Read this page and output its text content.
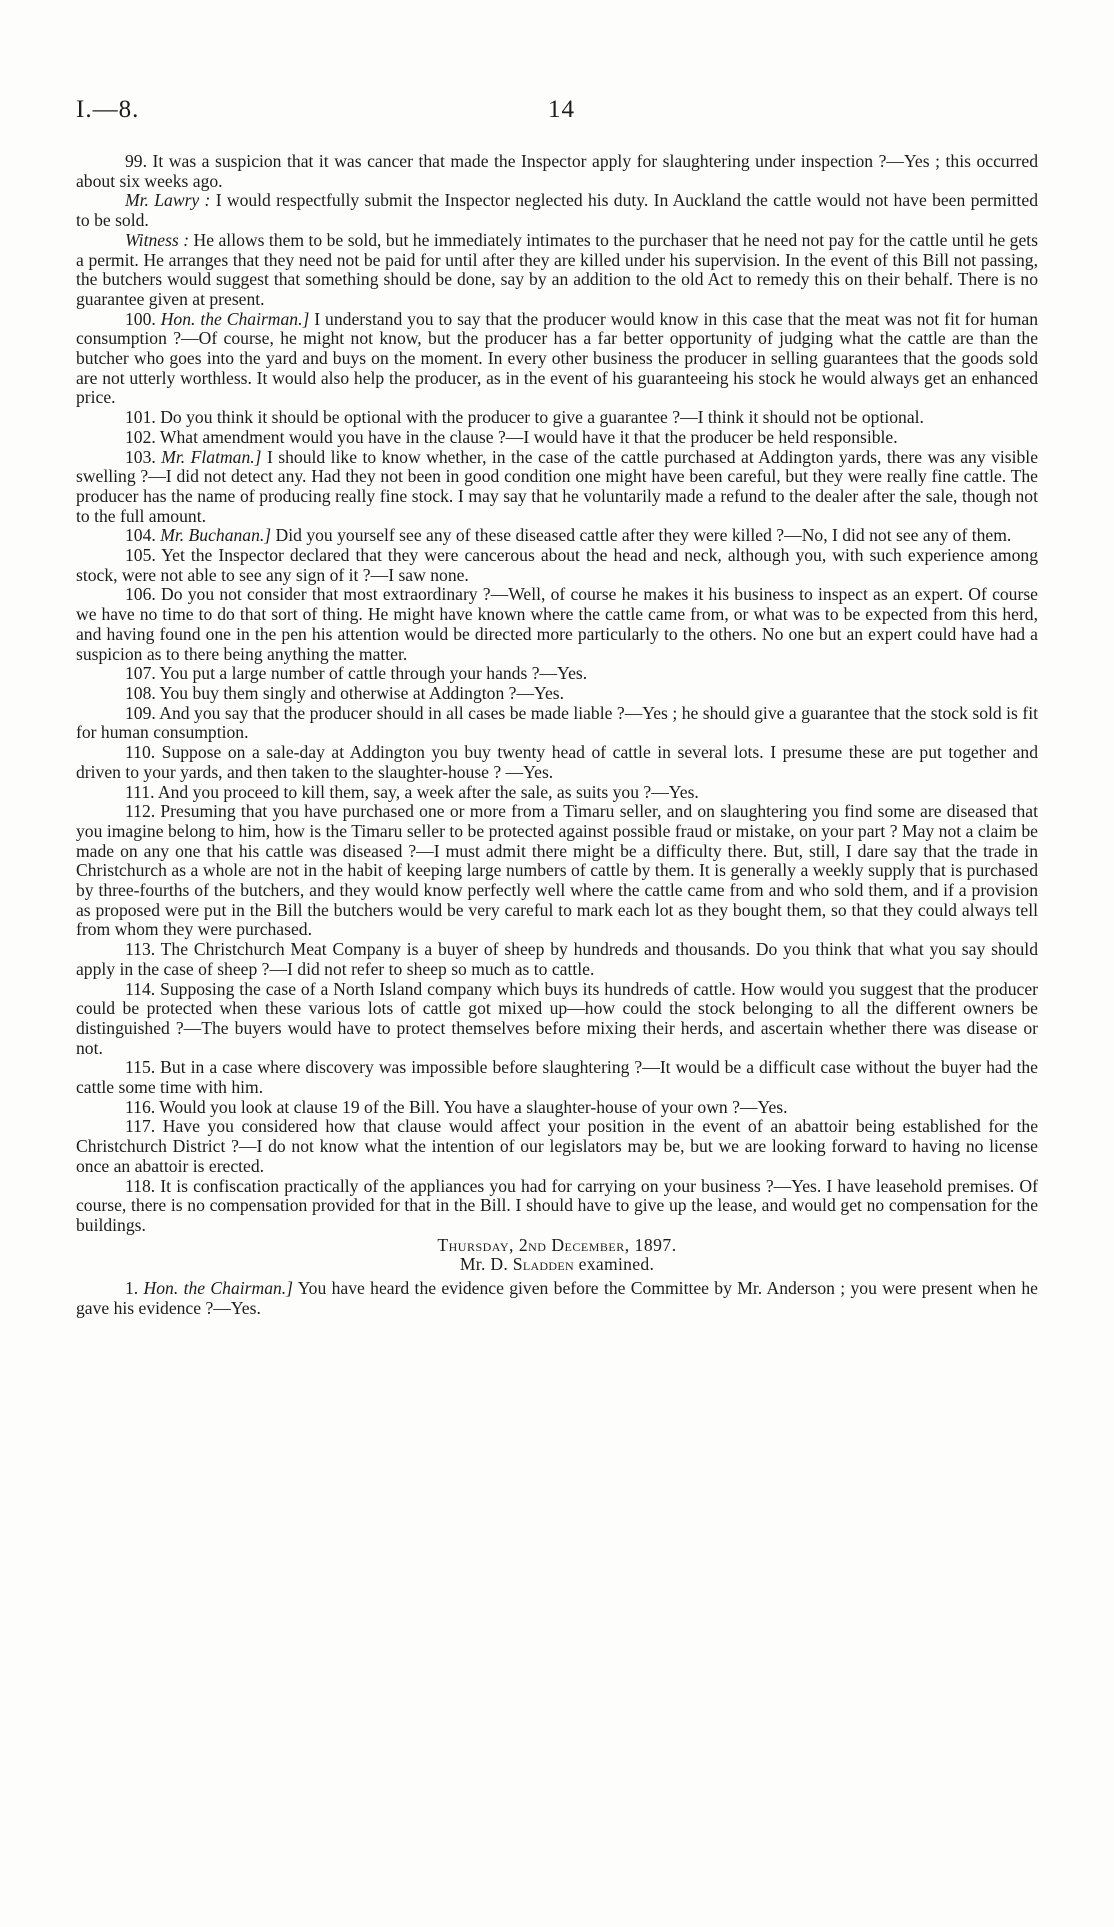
I.—8.	14

99. It was a suspicion that it was cancer that made the Inspector apply for slaughtering under inspection ?—Yes ; this occurred about six weeks ago.

Mr. Lawry : I would respectfully submit the Inspector neglected his duty. In Auckland the cattle would not have been permitted to be sold.

Witness : He allows them to be sold, but he immediately intimates to the purchaser that he need not pay for the cattle until he gets a permit. He arranges that they need not be paid for until after they are killed under his supervision. In the event of this Bill not passing, the butchers would suggest that something should be done, say by an addition to the old Act to remedy this on their behalf. There is no guarantee given at present.

100. Hon. the Chairman.] I understand you to say that the producer would know in this case that the meat was not fit for human consumption ?—Of course, he might not know, but the producer has a far better opportunity of judging what the cattle are than the butcher who goes into the yard and buys on the moment. In every other business the producer in selling guarantees that the goods sold are not utterly worthless. It would also help the producer, as in the event of his guaranteeing his stock he would always get an enhanced price.

101. Do you think it should be optional with the producer to give a guarantee ?—I think it should not be optional.

102. What amendment would you have in the clause ?—I would have it that the producer be held responsible.

103. Mr. Flatman.] I should like to know whether, in the case of the cattle purchased at Addington yards, there was any visible swelling ?—I did not detect any. Had they not been in good condition one might have been careful, but they were really fine cattle. The producer has the name of producing really fine stock. I may say that he voluntarily made a refund to the dealer after the sale, though not to the full amount.

104. Mr. Buchanan.] Did you yourself see any of these diseased cattle after they were killed ?—No, I did not see any of them.

105. Yet the Inspector declared that they were cancerous about the head and neck, although you, with such experience among stock, were not able to see any sign of it ?—I saw none.

106. Do you not consider that most extraordinary ?—Well, of course he makes it his business to inspect as an expert. Of course we have no time to do that sort of thing. He might have known where the cattle came from, or what was to be expected from this herd, and having found one in the pen his attention would be directed more particularly to the others. No one but an expert could have had a suspicion as to there being anything the matter.

107. You put a large number of cattle through your hands ?—Yes.

108. You buy them singly and otherwise at Addington ?—Yes.

109. And you say that the producer should in all cases be made liable ?—Yes ; he should give a guarantee that the stock sold is fit for human consumption.

110. Suppose on a sale-day at Addington you buy twenty head of cattle in several lots. I presume these are put together and driven to your yards, and then taken to the slaughter-house ? —Yes.

111. And you proceed to kill them, say, a week after the sale, as suits you ?—Yes.

112. Presuming that you have purchased one or more from a Timaru seller, and on slaughtering you find some are diseased that you imagine belong to him, how is the Timaru seller to be protected against possible fraud or mistake, on your part ? May not a claim be made on any one that his cattle was diseased ?—I must admit there might be a difficulty there. But, still, I dare say that the trade in Christchurch as a whole are not in the habit of keeping large numbers of cattle by them. It is generally a weekly supply that is purchased by three-fourths of the butchers, and they would know perfectly well where the cattle came from and who sold them, and if a provision as proposed were put in the Bill the butchers would be very careful to mark each lot as they bought them, so that they could always tell from whom they were purchased.

113. The Christchurch Meat Company is a buyer of sheep by hundreds and thousands. Do you think that what you say should apply in the case of sheep ?—I did not refer to sheep so much as to cattle.

114. Supposing the case of a North Island company which buys its hundreds of cattle. How would you suggest that the producer could be protected when these various lots of cattle got mixed up—how could the stock belonging to all the different owners be distinguished ?—The buyers would have to protect themselves before mixing their herds, and ascertain whether there was disease or not.

115. But in a case where discovery was impossible before slaughtering ?—It would be a difficult case without the buyer had the cattle some time with him.

116. Would you look at clause 19 of the Bill. You have a slaughter-house of your own ?—Yes.

117. Have you considered how that clause would affect your position in the event of an abattoir being established for the Christchurch District ?—I do not know what the intention of our legislators may be, but we are looking forward to having no license once an abattoir is erected.

118. It is confiscation practically of the appliances you had for carrying on your business ?—Yes. I have leasehold premises. Of course, there is no compensation provided for that in the Bill. I should have to give up the lease, and would get no compensation for the buildings.

Thursday, 2nd December, 1897.

Mr. D. Sladden examined.

1. Hon. the Chairman.] You have heard the evidence given before the Committee by Mr. Anderson ; you were present when he gave his evidence ?—Yes.
